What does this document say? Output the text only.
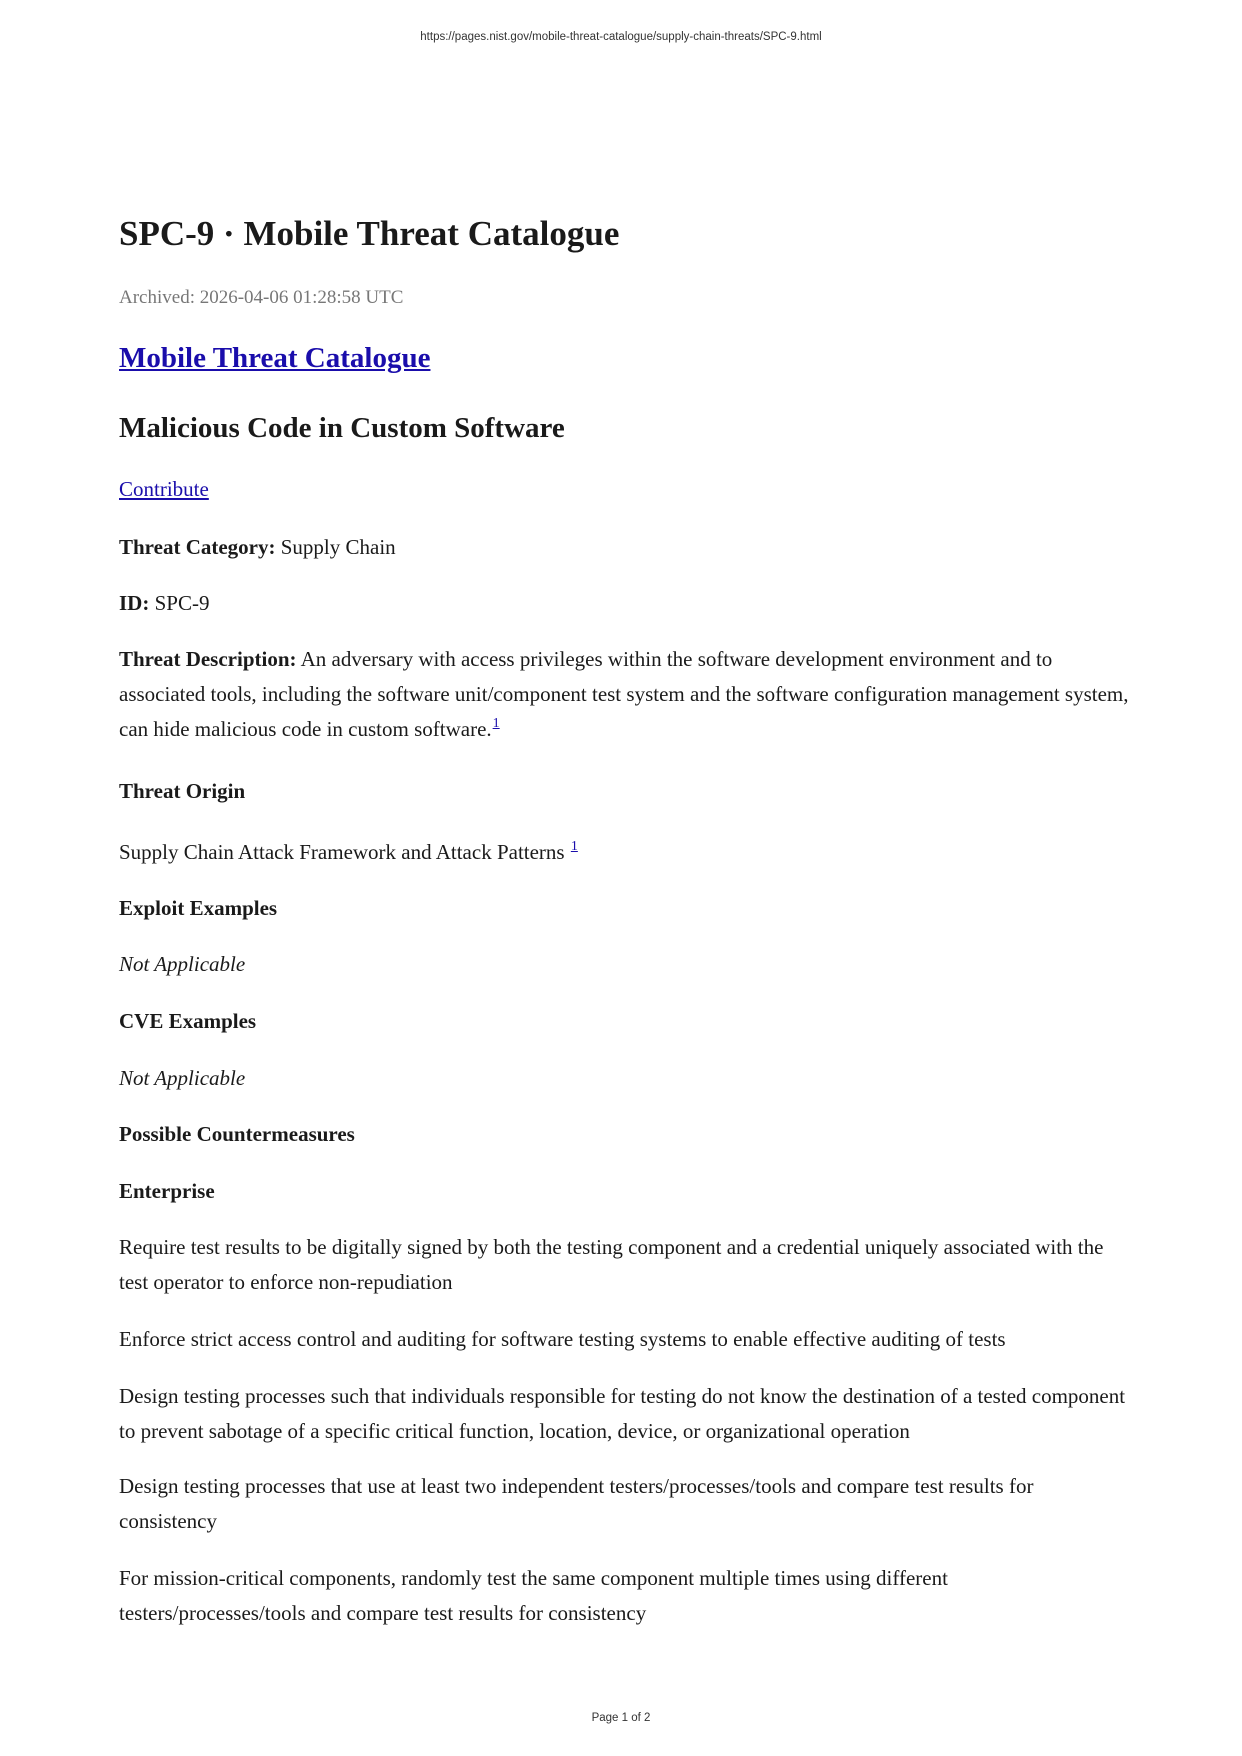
https://pages.nist.gov/mobile-threat-catalogue/supply-chain-threats/SPC-9.html
SPC-9 · Mobile Threat Catalogue
Archived: 2026-04-06 01:28:58 UTC
Mobile Threat Catalogue
Malicious Code in Custom Software
Contribute
Threat Category: Supply Chain
ID: SPC-9
Threat Description: An adversary with access privileges within the software development environment and to associated tools, including the software unit/component test system and the software configuration management system, can hide malicious code in custom software.$^1$
Threat Origin
Supply Chain Attack Framework and Attack Patterns $^1$
Exploit Examples
Not Applicable
CVE Examples
Not Applicable
Possible Countermeasures
Enterprise
Require test results to be digitally signed by both the testing component and a credential uniquely associated with the test operator to enforce non-repudiation
Enforce strict access control and auditing for software testing systems to enable effective auditing of tests
Design testing processes such that individuals responsible for testing do not know the destination of a tested component to prevent sabotage of a specific critical function, location, device, or organizational operation
Design testing processes that use at least two independent testers/processes/tools and compare test results for consistency
For mission-critical components, randomly test the same component multiple times using different testers/processes/tools and compare test results for consistency
Page 1 of 2
